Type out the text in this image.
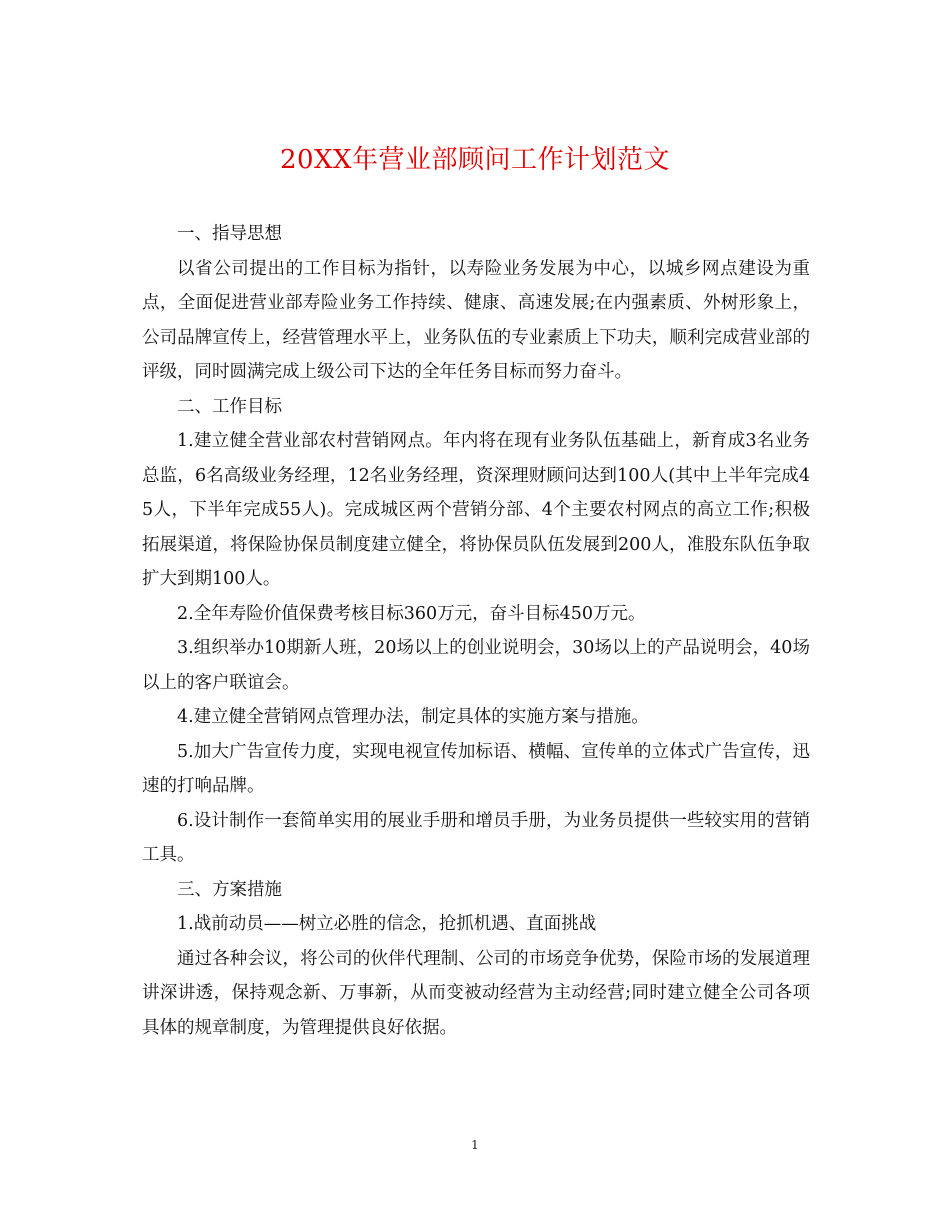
20XX年营业部顾问工作计划范文

一、指导思想

以省公司提出的工作目标为指针，以寿险业务发展为中心，以城乡网点建设为重点，全面促进营业部寿险业务工作持续、健康、高速发展;在内强素质、外树形象上，公司品牌宣传上，经营管理水平上，业务队伍的专业素质上下功夫，顺利完成营业部的评级，同时圆满完成上级公司下达的全年任务目标而努力奋斗。

二、工作目标

1.建立健全营业部农村营销网点。年内将在现有业务队伍基础上，新育成3名业务总监，6名高级业务经理，12名业务经理，资深理财顾问达到100人(其中上半年完成45人，下半年完成55人)。完成城区两个营销分部、4个主要农村网点的高立工作;积极拓展渠道，将保险协保员制度建立健全，将协保员队伍发展到200人，准股东队伍争取扩大到期100人。

2.全年寿险价值保费考核目标360万元，奋斗目标450万元。

3.组织举办10期新人班，20场以上的创业说明会，30场以上的产品说明会，40场以上的客户联谊会。

4.建立健全营销网点管理办法，制定具体的实施方案与措施。

5.加大广告宣传力度，实现电视宣传加标语、横幅、宣传单的立体式广告宣传，迅速的打响品牌。

6.设计制作一套简单实用的展业手册和增员手册，为业务员提供一些较实用的营销工具。

三、方案措施

1.战前动员——树立必胜的信念，抢抓机遇、直面挑战

通过各种会议，将公司的伙伴代理制、公司的市场竞争优势，保险市场的发展道理讲深讲透，保持观念新、万事新，从而变被动经营为主动经营;同时建立健全公司各项具体的规章制度，为管理提供良好依据。

1
